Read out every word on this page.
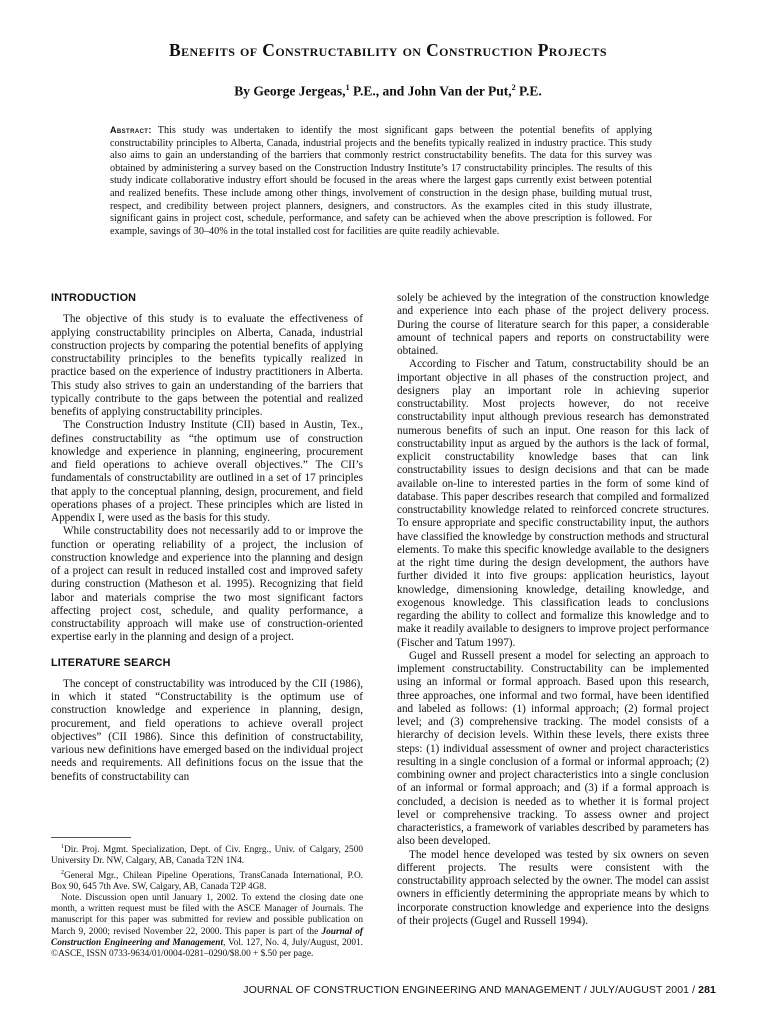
Benefits of Constructability on Construction Projects
By George Jergeas,$^1$ P.E., and John Van der Put,$^2$ P.E.

Abstract: This study was undertaken to identify the most significant gaps between the potential benefits of applying constructability principles to Alberta, Canada, industrial projects and the benefits typically realized in industry practice. This study also aims to gain an understanding of the barriers that commonly restrict constructability benefits. The data for this survey was obtained by administering a survey based on the Construction Industry Institute’s 17 constructability principles. The results of this study indicate collaborative industry effort should be focused in the areas where the largest gaps currently exist between potential and realized benefits. These include among other things, involvement of construction in the design phase, building mutual trust, respect, and credibility between project planners, designers, and constructors. As the examples cited in this study illustrate, significant gains in project cost, schedule, performance, and safety can be achieved when the above prescription is followed. For example, savings of 30–40% in the total installed cost for facilities are quite readily achievable.

INTRODUCTION

The objective of this study is to evaluate the effectiveness of applying constructability principles on Alberta, Canada, industrial construction projects by comparing the potential benefits of applying constructability principles to the benefits typically realized in practice based on the experience of industry practitioners in Alberta. This study also strives to gain an understanding of the barriers that typically contribute to the gaps between the potential and realized benefits of applying constructability principles.

The Construction Industry Institute (CII) based in Austin, Tex., defines constructability as “the optimum use of construction knowledge and experience in planning, engineering, procurement and field operations to achieve overall objectives.” The CII’s fundamentals of constructability are outlined in a set of 17 principles that apply to the conceptual planning, design, procurement, and field operations phases of a project. These principles which are listed in Appendix I, were used as the basis for this study.

While constructability does not necessarily add to or improve the function or operating reliability of a project, the inclusion of construction knowledge and experience into the planning and design of a project can result in reduced installed cost and improved safety during construction (Matheson et al. 1995). Recognizing that field labor and materials comprise the two most significant factors affecting project cost, schedule, and quality performance, a constructability approach will make use of construction-oriented expertise early in the planning and design of a project.

LITERATURE SEARCH

The concept of constructability was introduced by the CII (1986), in which it stated “Constructability is the optimum use of construction knowledge and experience in planning, design, procurement, and field operations to achieve overall project objectives” (CII 1986). Since this definition of constructability, various new definitions have emerged based on the individual project needs and requirements. All definitions focus on the issue that the benefits of constructability can

solely be achieved by the integration of the construction knowledge and experience into each phase of the project delivery process. During the course of literature search for this paper, a considerable amount of technical papers and reports on constructability were obtained.

According to Fischer and Tatum, constructability should be an important objective in all phases of the construction project, and designers play an important role in achieving superior constructability. Most projects however, do not receive constructability input although previous research has demonstrated numerous benefits of such an input. One reason for this lack of constructability input as argued by the authors is the lack of formal, explicit constructability knowledge bases that can link constructability issues to design decisions and that can be made available on-line to interested parties in the form of some kind of database. This paper describes research that compiled and formalized constructability knowledge related to reinforced concrete structures. To ensure appropriate and specific constructability input, the authors have classified the knowledge by construction methods and structural elements. To make this specific knowledge available to the designers at the right time during the design development, the authors have further divided it into five groups: application heuristics, layout knowledge, dimensioning knowledge, detailing knowledge, and exogenous knowledge. This classification leads to conclusions regarding the ability to collect and formalize this knowledge and to make it readily available to designers to improve project performance (Fischer and Tatum 1997).

Gugel and Russell present a model for selecting an approach to implement constructability. Constructability can be implemented using an informal or formal approach. Based upon this research, three approaches, one informal and two formal, have been identified and labeled as follows: (1) informal approach; (2) formal project level; and (3) comprehensive tracking. The model consists of a hierarchy of decision levels. Within these levels, there exists three steps: (1) individual assessment of owner and project characteristics resulting in a single conclusion of a formal or informal approach; (2) combining owner and project characteristics into a single conclusion of an informal or formal approach; and (3) if a formal approach is concluded, a decision is needed as to whether it is formal project level or comprehensive tracking. To assess owner and project characteristics, a framework of variables described by parameters has also been developed.

The model hence developed was tested by six owners on seven different projects. The results were consistent with the constructability approach selected by the owner. The model can assist owners in efficiently determining the appropriate means by which to incorporate construction knowledge and experience into the designs of their projects (Gugel and Russell 1994).

$^1$Dir. Proj. Mgmt. Specialization, Dept. of Civ. Engrg., Univ. of Calgary, 2500 University Dr. NW, Calgary, AB, Canada T2N 1N4.

$^2$General Mgr., Chilean Pipeline Operations, TransCanada International, P.O. Box 90, 645 7th Ave. SW, Calgary, AB, Canada T2P 4G8.

Note. Discussion open until January 1, 2002. To extend the closing date one month, a written request must be filed with the ASCE Manager of Journals. The manuscript for this paper was submitted for review and possible publication on March 9, 2000; revised November 22, 2000. This paper is part of the Journal of Construction Engineering and Management, Vol. 127, No. 4, July/August, 2001. ©ASCE, ISSN 0733-9634/01/0004-0281–0290/$8.00 + $.50 per page.

JOURNAL OF CONSTRUCTION ENGINEERING AND MANAGEMENT / JULY/AUGUST 2001 / 281
